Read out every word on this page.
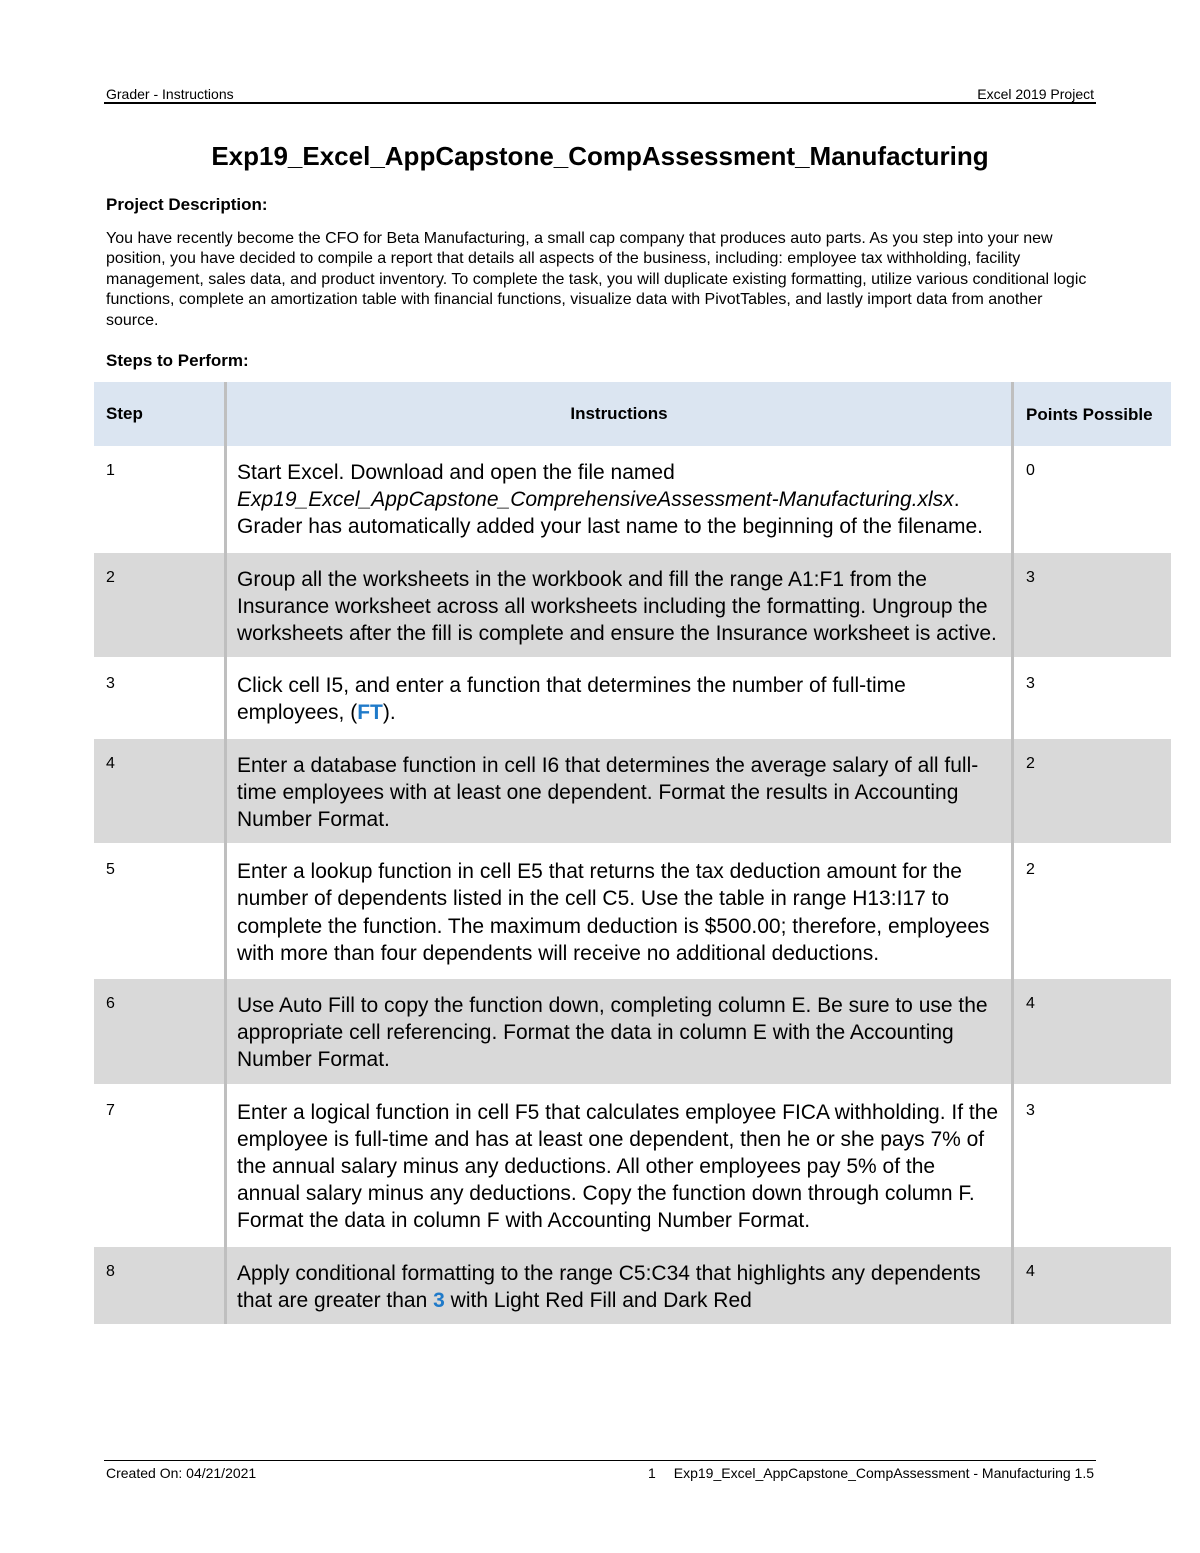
Grader - Instructions	Excel 2019 Project
Exp19_Excel_AppCapstone_CompAssessment_Manufacturing
Project Description:

You have recently become the CFO for Beta Manufacturing, a small cap company that produces auto parts. As you step into your new position, you have decided to compile a report that details all aspects of the business, including: employee tax withholding, facility management, sales data, and product inventory. To complete the task, you will duplicate existing formatting, utilize various conditional logic functions, complete an amortization table with financial functions, visualize data with PivotTables, and lastly import data from another source.

Steps to Perform:
Step	Instructions	Points Possible
1	Start Excel. Download and open the file named Exp19_Excel_AppCapstone_ComprehensiveAssessment-Manufacturing.xlsx. Grader has automatically added your last name to the beginning of the filename.	0
2	Group all the worksheets in the workbook and fill the range A1:F1 from the Insurance worksheet across all worksheets including the formatting. Ungroup the worksheets after the fill is complete and ensure the Insurance worksheet is active.	3
3	Click cell I5, and enter a function that determines the number of full-time employees, (FT).	3
4	Enter a database function in cell I6 that determines the average salary of all full-time employees with at least one dependent. Format the results in Accounting Number Format.	2
5	Enter a lookup function in cell E5 that returns the tax deduction amount for the number of dependents listed in the cell C5. Use the table in range H13:I17 to complete the function. The maximum deduction is $500.00; therefore, employees with more than four dependents will receive no additional deductions.	2
6	Use Auto Fill to copy the function down, completing column E. Be sure to use the appropriate cell referencing. Format the data in column E with the Accounting Number Format.	4
7	Enter a logical function in cell F5 that calculates employee FICA withholding. If the employee is full-time and has at least one dependent, then he or she pays 7% of the annual salary minus any deductions. All other employees pay 5% of the annual salary minus any deductions. Copy the function down through column F. Format the data in column F with Accounting Number Format.	3
8	Apply conditional formatting to the range C5:C34 that highlights any dependents that are greater than 3 with Light Red Fill and Dark Red	4
Created On: 04/21/2021	1 Exp19_Excel_AppCapstone_CompAssessment - Manufacturing 1.5
